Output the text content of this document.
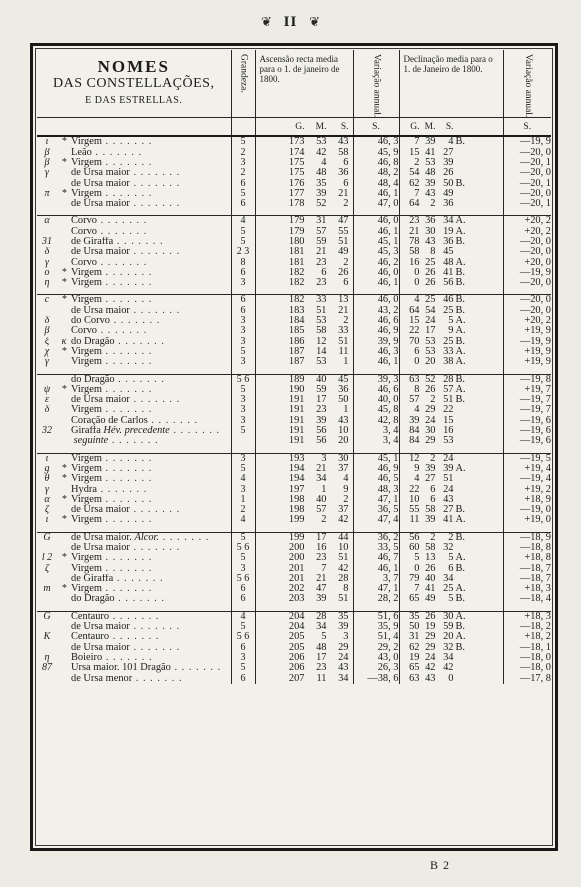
❦ II ❦
NOMES
DAS CONSTELLAÇÕES,
E DAS ESTRELLAS.	Grandeza.	Ascensão recta media para o 1. de janeiro de 1800.	Variação annual.	Declinação media para o 1. de Janeiro de 1800.	Variação annual.

		G. M. S.	S.	G. M. S.	S.
ι * Virgem . . . . . . .	5	173 53 43	46, 3	7 39 4 B.	—19, 9
β Leão . . . . . . .	2	174 42 58	45, 9	15 41 27	—20, 0
β * Virgem . . . . . . .	3	175 4 6	46, 8	2 53 39	—20, 1
γ de Ursa maior . . . . . . .	2	175 48 36	48, 2	54 48 26	—20, 0
de Ursa maior . . . . . . .	6	176 35 6	48, 4	62 39 50 B.	—20, 1
π * Virgem . . . . . . .	5	177 39 21	46, 1	7 43 49	—20, 0
de Ursa maior . . . . . . .	6	178 52 2	47, 0	64 2 36	—20, 1

α Corvo . . . . . . .	4	179 31 47	46, 0	23 36 34 A.	+20, 2
Corvo . . . . . . .	5	179 57 55	46, 1	21 30 19 A.	+20, 2
31 de Giraffa . . . . . . .	5	180 59 51	45, 1	78 43 36 B.	—20, 0
δ de Ursa maior . . . . . . .	2 3	181 21 49	45, 3	58 8 45	—20, 0
γ Corvo . . . . . . .	8	181 23 2	46, 2	16 25 48 A.	+20, 0
ο * Virgem . . . . . . .	6	182 6 26	46, 0	0 26 41 B.	—19, 9
η * Virgem . . . . . . .	3	182 23 6	46, 1	0 26 56 B.	—20, 0

c * Virgem . . . . . . .	6	182 33 13	46, 0	4 25 46 B.	—20, 0
de Ursa maior . . . . . . .	6	183 51 21	43, 2	64 54 25 B.	—20, 0
δ do Corvo . . . . . . .	3	184 53 2	46, 6	15 24 5 A.	+20, 2
β Corvo . . . . . . .	3	185 58 33	46, 9	22 17 9 A.	+19, 9
ξ κ do Dragão . . . . . . .	3	186 12 51	39, 9	70 53 25 B.	—19, 9
χ * Virgem . . . . . . .	5	187 14 11	46, 3	6 53 33 A.	+19, 9
γ Virgem . . . . . . .	3	187 53 1	46, 1	0 20 38 A.	+19, 9

do Dragão . . . . . . .	5 6	189 40 45	39, 3	63 52 28 B.	—19, 8
ψ * Virgem . . . . . . .	5	190 59 36	46, 6	8 26 57 A.	+19, 7
ε de Ursa maior . . . . . . .	3	191 17 50	40, 0	57 2 51 B.	—19, 7
δ Virgem . . . . . . .	3	191 23 1	45, 8	4 29 22	—19, 7
Coração de Carlos . . . . . . .	3	191 39 43	42, 8	39 24 15	—19, 6
32 Giraffa Hév. precedente . . . . . . .	5	191 56 10	3, 4	84 30 16	—19, 6
seguinte . . . . . . .		191 56 20	3, 4	84 29 53	—19, 6

ι Virgem . . . . . . .	3	193 3 30	45, 1	12 2 24	—19, 5
g * Virgem . . . . . . .	5	194 21 37	46, 9	9 39 39 A.	+19, 4
θ * Virgem . . . . . . .	4	194 34 4	46, 5	4 27 51	—19, 4
γ Hydra . . . . . . .	3	197 1 9	48, 3	22 6 24	+19, 2
α * Virgem . . . . . . .	1	198 40 2	47, 1	10 6 43	+18, 9
ζ de Ursa maior . . . . . . .	2	198 57 37	36, 5	55 58 27 B.	—19, 0
ι * Virgem . . . . . . .	4	199 2 42	47, 4	11 39 41 A.	+19, 0

G de Ursa maior. Alcor. . . . . . . .	5	199 17 44	36, 2	56 2 2 B.	—18, 9
de Ursa maior . . . . . . .	5 6	200 16 10	33, 5	60 58 32	—18, 8
l 2 * Virgem . . . . . . .	5	200 23 51	46, 7	5 13 5 A.	+18, 8
ζ Virgem . . . . . . .	3	201 7 42	46, 1	0 26 6 B.	—18, 7
de Giraffa . . . . . . .	5 6	201 21 28	3, 7	79 40 34	—18, 7
m * Virgem . . . . . . .	6	202 47 8	47, 1	7 41 25 A.	+18, 3
do Dragão . . . . . . .	6	203 39 51	28, 2	65 49 5 B.	—18, 4

G Centauro . . . . . . .	4	204 28 35	51, 6	35 26 30 A.	+18, 3
de Ursa maior . . . . . . .	5	204 34 39	35, 9	50 19 59 B.	—18, 2
K Centauro . . . . . . .	5 6	205 5 3	51, 4	31 29 20 A.	+18, 2
de Ursa maior . . . . . . .	6	205 48 29	29, 2	62 29 32 B.	—18, 1
η Boieiro . . . . . . .	3	206 17 24	43, 0	19 24 34	—18, 0
87 Ursa maior. 101 Dragão . . . . . . .	5	206 23 43	26, 3	65 42 42	—18, 0
de Ursa menor . . . . . . .	6	207 11 34	—38, 6	63 43 0	—17, 8
B 2
